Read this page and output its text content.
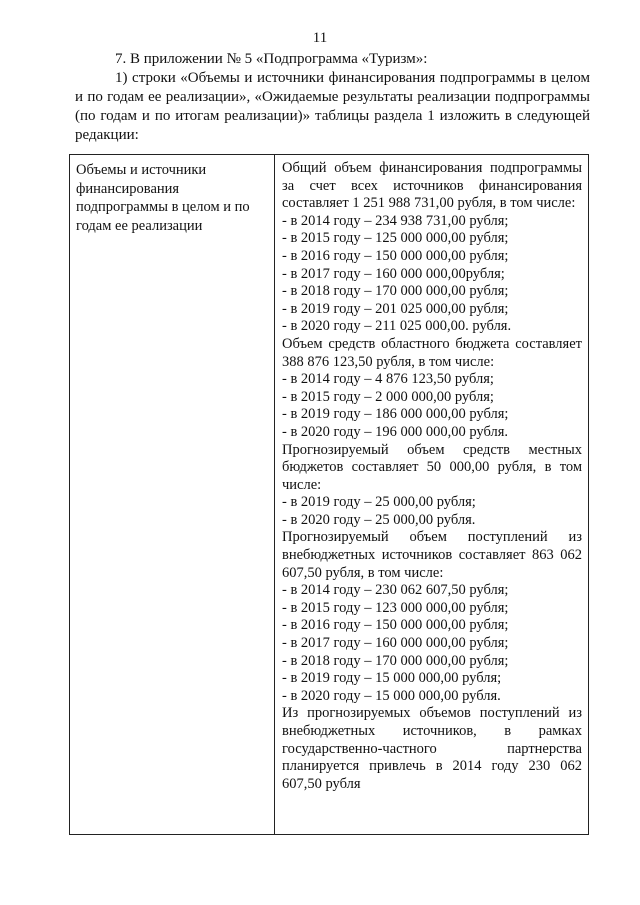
11

7. В приложении № 5 «Подпрограмма «Туризм»:

1) строки «Объемы и источники финансирования подпрограммы в целом и по годам ее реализации», «Ожидаемые результаты реализации подпрограммы (по годам и по итогам реализации)» таблицы раздела 1 изложить в следующей редакции:

Объемы и источники финансирования подпрограммы в целом и по годам ее реализации

Общий объем финансирования подпрограммы за счет всех источников финансирования составляет 1 251 988 731,00 рубля, в том числе:

- в 2014 году – 234 938 731,00 рубля;

- в 2015 году – 125 000 000,00 рубля;

- в 2016 году – 150 000 000,00 рубля;

- в 2017 году – 160 000 000,00рубля;

- в 2018 году – 170 000 000,00 рубля;

- в 2019 году – 201 025 000,00 рубля;

- в 2020 году – 211 025 000,00. рубля.

Объем средств областного бюджета составляет 388 876 123,50 рубля, в том числе:

- в 2014 году – 4 876 123,50 рубля;

- в 2015 году – 2 000 000,00 рубля;

- в 2019 году – 186 000 000,00 рубля;

- в 2020 году – 196 000 000,00 рубля.

Прогнозируемый объем средств местных бюджетов составляет 50 000,00 рубля, в том числе:

- в 2019 году – 25 000,00 рубля;

- в 2020 году – 25 000,00 рубля.

Прогнозируемый объем поступлений из внебюджетных источников составляет 863 062 607,50 рубля, в том числе:

- в 2014 году – 230 062 607,50 рубля;

- в 2015 году – 123 000 000,00 рубля;

- в 2016 году – 150 000 000,00 рубля;

- в 2017 году – 160 000 000,00 рубля;

- в 2018 году – 170 000 000,00 рубля;

- в 2019 году – 15 000 000,00 рубля;

- в 2020 году – 15 000 000,00 рубля.

Из прогнозируемых объемов поступлений из внебюджетных источников, в рамках государственно-частного партнерства планируется привлечь в 2014 году 230 062 607,50 рубля
